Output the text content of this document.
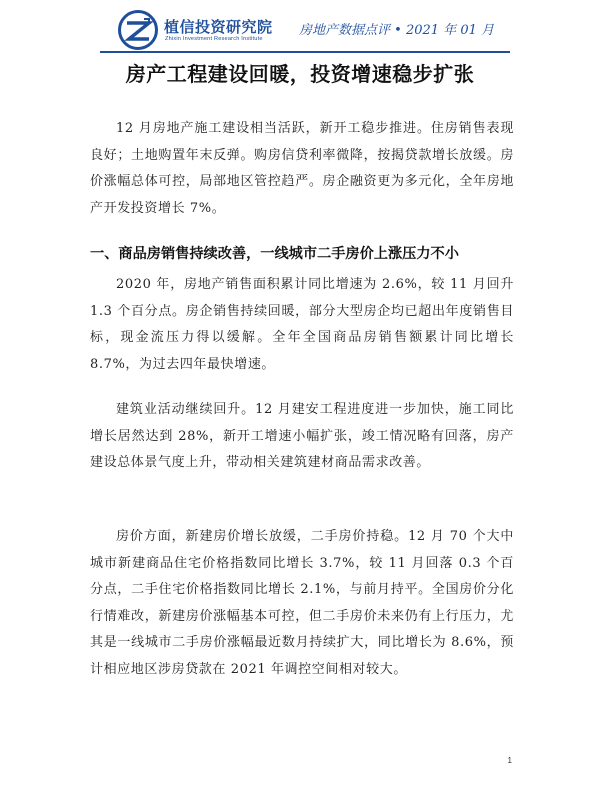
植信投资研究院
Zhixin Investment Research Institute
房地产数据点评 • 2021 年 01 月
房产工程建设回暖，投资增速稳步扩张
12 月房地产施工建设相当活跃，新开工稳步推进。住房销售表现良好；土地购置年末反弹。购房信贷利率微降，按揭贷款增长放缓。房价涨幅总体可控，局部地区管控趋严。房企融资更为多元化，全年房地产开发投资增长 7%。
一、商品房销售持续改善，一线城市二手房价上涨压力不小
2020 年，房地产销售面积累计同比增速为 2.6%，较 11 月回升 1.3 个百分点。房企销售持续回暖，部分大型房企均已超出年度销售目标，现金流压力得以缓解。全年全国商品房销售额累计同比增长 8.7%，为过去四年最快增速。
建筑业活动继续回升。12 月建安工程进度进一步加快，施工同比增长居然达到 28%，新开工增速小幅扩张，竣工情况略有回落，房产建设总体景气度上升，带动相关建筑建材商品需求改善。
房价方面，新建房价增长放缓，二手房价持稳。12 月 70 个大中城市新建商品住宅价格指数同比增长 3.7%，较 11 月回落 0.3 个百分点，二手住宅价格指数同比增长 2.1%，与前月持平。全国房价分化行情难改，新建房价涨幅基本可控，但二手房价未来仍有上行压力，尤其是一线城市二手房价涨幅最近数月持续扩大，同比增长为 8.6%，预计相应地区涉房贷款在 2021 年调控空间相对较大。
1
